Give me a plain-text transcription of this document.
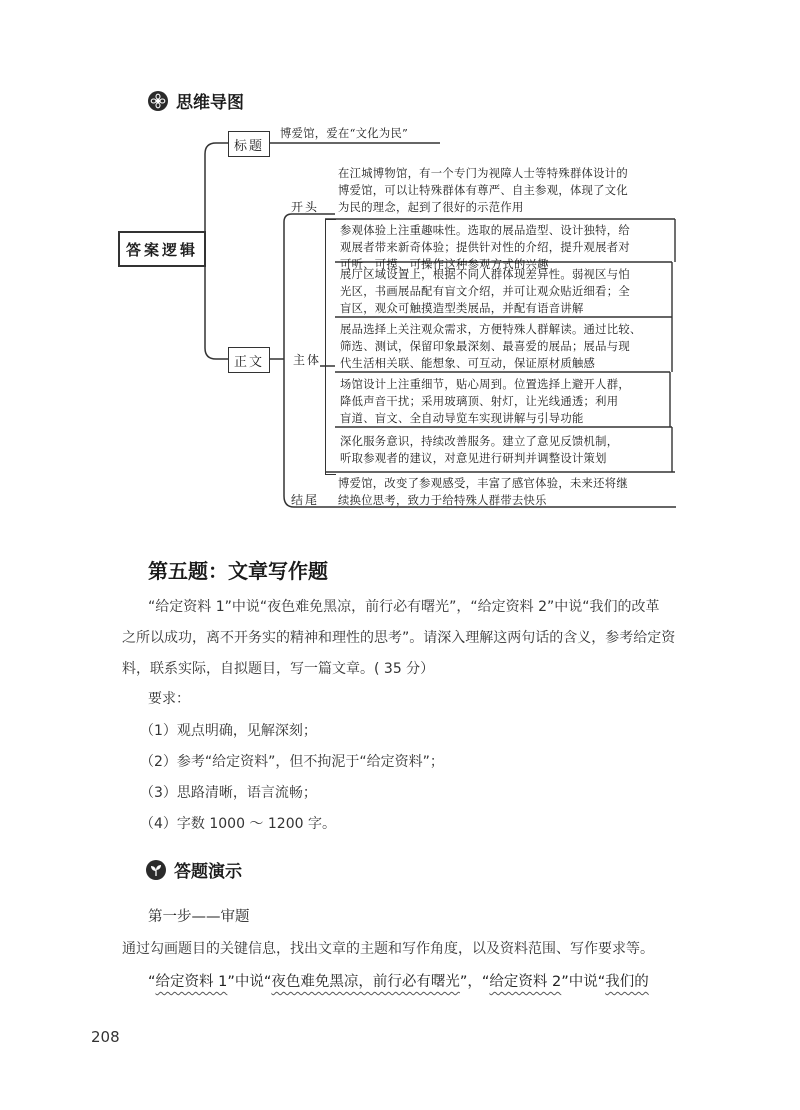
思维导图
答案逻辑
标题
博爱馆，爱在“文化为民”
正文
开头
在江城博物馆，有一个专门为视障人士等特殊群体设计的
博爱馆，可以让特殊群体有尊严、自主参观，体现了文化
为民的理念，起到了很好的示范作用
主体
参观体验上注重趣味性。选取的展品造型、设计独特，给
观展者带来新奇体验；提供针对性的介绍，提升观展者对
可听、可摸、可操作这种参观方式的兴趣
展厅区域设置上，根据不同人群体现差异性。弱视区与怕
光区，书画展品配有盲文介绍，并可让观众贴近细看；全
盲区，观众可触摸造型类展品，并配有语音讲解
展品选择上关注观众需求，方便特殊人群解读。通过比较、
筛选、测试，保留印象最深刻、最喜爱的展品；展品与现
代生活相关联、能想象、可互动，保证原材质触感
场馆设计上注重细节，贴心周到。位置选择上避开人群，
降低声音干扰；采用玻璃顶、射灯，让光线通透；利用
盲道、盲文、全自动导览车实现讲解与引导功能
深化服务意识，持续改善服务。建立了意见反馈机制，
听取参观者的建议，对意见进行研判并调整设计策划
结尾
博爱馆，改变了参观感受，丰富了感官体验，未来还将继
续换位思考，致力于给特殊人群带去快乐
第五题：文章写作题

“给定资料 1”中说“夜色难免黑凉，前行必有曙光”，“给定资料 2”中说“我们的改革

之所以成功，离不开务实的精神和理性的思考”。请深入理解这两句话的含义，参考给定资

料，联系实际，自拟题目，写一篇文章。( 35 分）

要求：
（1）观点明确，见解深刻；
（2）参考“给定资料”，但不拘泥于“给定资料”；
（3）思路清晰，语言流畅；
（4）字数 1000 ～ 1200 字。
答题演示
第一步——审题
通过勾画题目的关键信息，找出文章的主题和写作角度，以及资料范围、写作要求等。
“给定资料 1”中说“夜色难免黑凉，前行必有曙光”，“给定资料 2”中说“我们的
208
